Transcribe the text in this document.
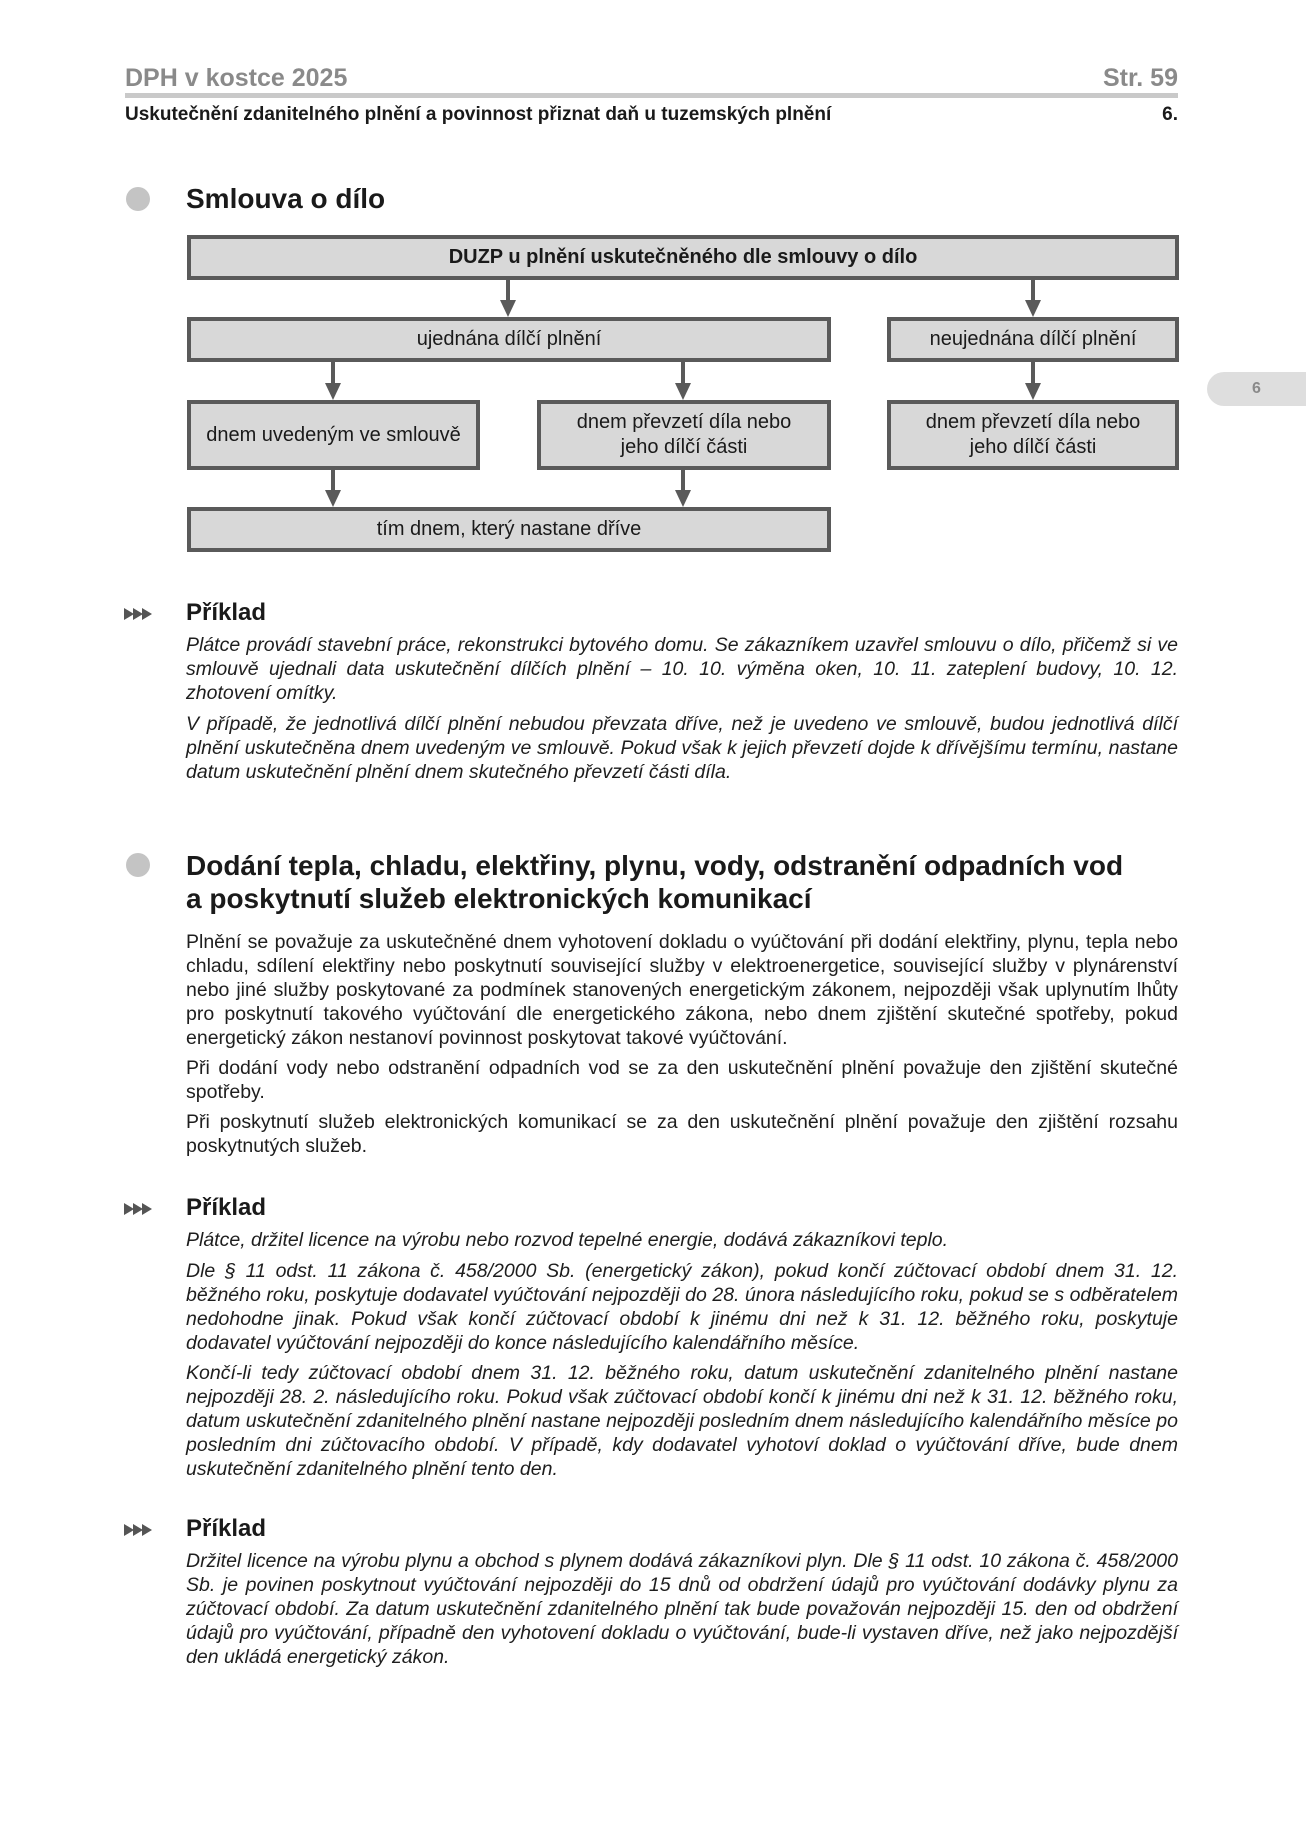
DPH v kostce 2025	Str. 59
Uskutečnění zdanitelného plnění a povinnost přiznat daň u tuzemských plnění	6.
6
Smlouva o dílo
DUZP u plnění uskutečněného dle smlouvy o dílo
ujednána dílčí plnění	neujednána dílčí plnění
dnem uvedeným ve smlouvě
dnem převzetí díla nebo jeho dílčí části
dnem převzetí díla nebo jeho dílčí části
tím dnem, který nastane dříve
Příklad

Plátce provádí stavební práce, rekonstrukci bytového domu. Se zákazníkem uzavřel smlouvu o dílo, přičemž si ve smlouvě ujednali data uskutečnění dílčích plnění – 10. 10. výměna oken, 10. 11. zateplení budovy, 10. 12. zhotovení omítky.

V případě, že jednotlivá dílčí plnění nebudou převzata dříve, než je uvedeno ve smlouvě, budou jednotlivá dílčí plnění uskutečněna dnem uvedeným ve smlouvě. Pokud však k jejich převzetí dojde k dřívějšímu termínu, nastane datum uskutečnění plnění dnem skutečného převzetí části díla.

Dodání tepla, chladu, elektřiny, plynu, vody, odstranění odpadních vod
a poskytnutí služeb elektronických komunikací

Plnění se považuje za uskutečněné dnem vyhotovení dokladu o vyúčtování při dodání elektřiny, plynu, tepla nebo chladu, sdílení elektřiny nebo poskytnutí související služby v elektroenergetice, související služby v plynárenství nebo jiné služby poskytované za podmínek stanovených energetickým zákonem, nejpozději však uplynutím lhůty pro poskytnutí takového vyúčtování dle energetického zákona, nebo dnem zjištění skutečné spotřeby, pokud energetický zákon nestanoví povinnost poskytovat takové vyúčtování.

Při dodání vody nebo odstranění odpadních vod se za den uskutečnění plnění považuje den zjištění skutečné spotřeby.

Při poskytnutí služeb elektronických komunikací se za den uskutečnění plnění považuje den zjištění rozsahu poskytnutých služeb.

Příklad

Plátce, držitel licence na výrobu nebo rozvod tepelné energie, dodává zákazníkovi teplo.

Dle § 11 odst. 11 zákona č. 458/2000 Sb. (energetický zákon), pokud končí zúčtovací období dnem 31. 12. běžného roku, poskytuje dodavatel vyúčtování nejpozději do 28. února následujícího roku, pokud se s odběratelem nedohodne jinak. Pokud však končí zúčtovací období k jinému dni než k 31. 12. běžného roku, poskytuje dodavatel vyúčtování nejpozději do konce následujícího kalendářního měsíce.

Končí-li tedy zúčtovací období dnem 31. 12. běžného roku, datum uskutečnění zdanitelného plnění nastane nejpozději 28. 2. následujícího roku. Pokud však zúčtovací období končí k jinému dni než k 31. 12. běžného roku, datum uskutečnění zdanitelného plnění nastane nejpozději posledním dnem následujícího kalendářního měsíce po posledním dni zúčtovacího období. V případě, kdy dodavatel vyhotoví doklad o vyúčtování dříve, bude dnem uskutečnění zdanitelného plnění tento den.

Příklad

Držitel licence na výrobu plynu a obchod s plynem dodává zákazníkovi plyn. Dle § 11 odst. 10 zákona č. 458/2000 Sb. je povinen poskytnout vyúčtování nejpozději do 15 dnů od obdržení údajů pro vyúčtování dodávky plynu za zúčtovací období. Za datum uskutečnění zdanitelného plnění tak bude považován nejpozději 15. den od obdržení údajů pro vyúčtování, případně den vyhotovení dokladu o vyúčtování, bude-li vystaven dříve, než jako nejpozdější den ukládá energetický zákon.
